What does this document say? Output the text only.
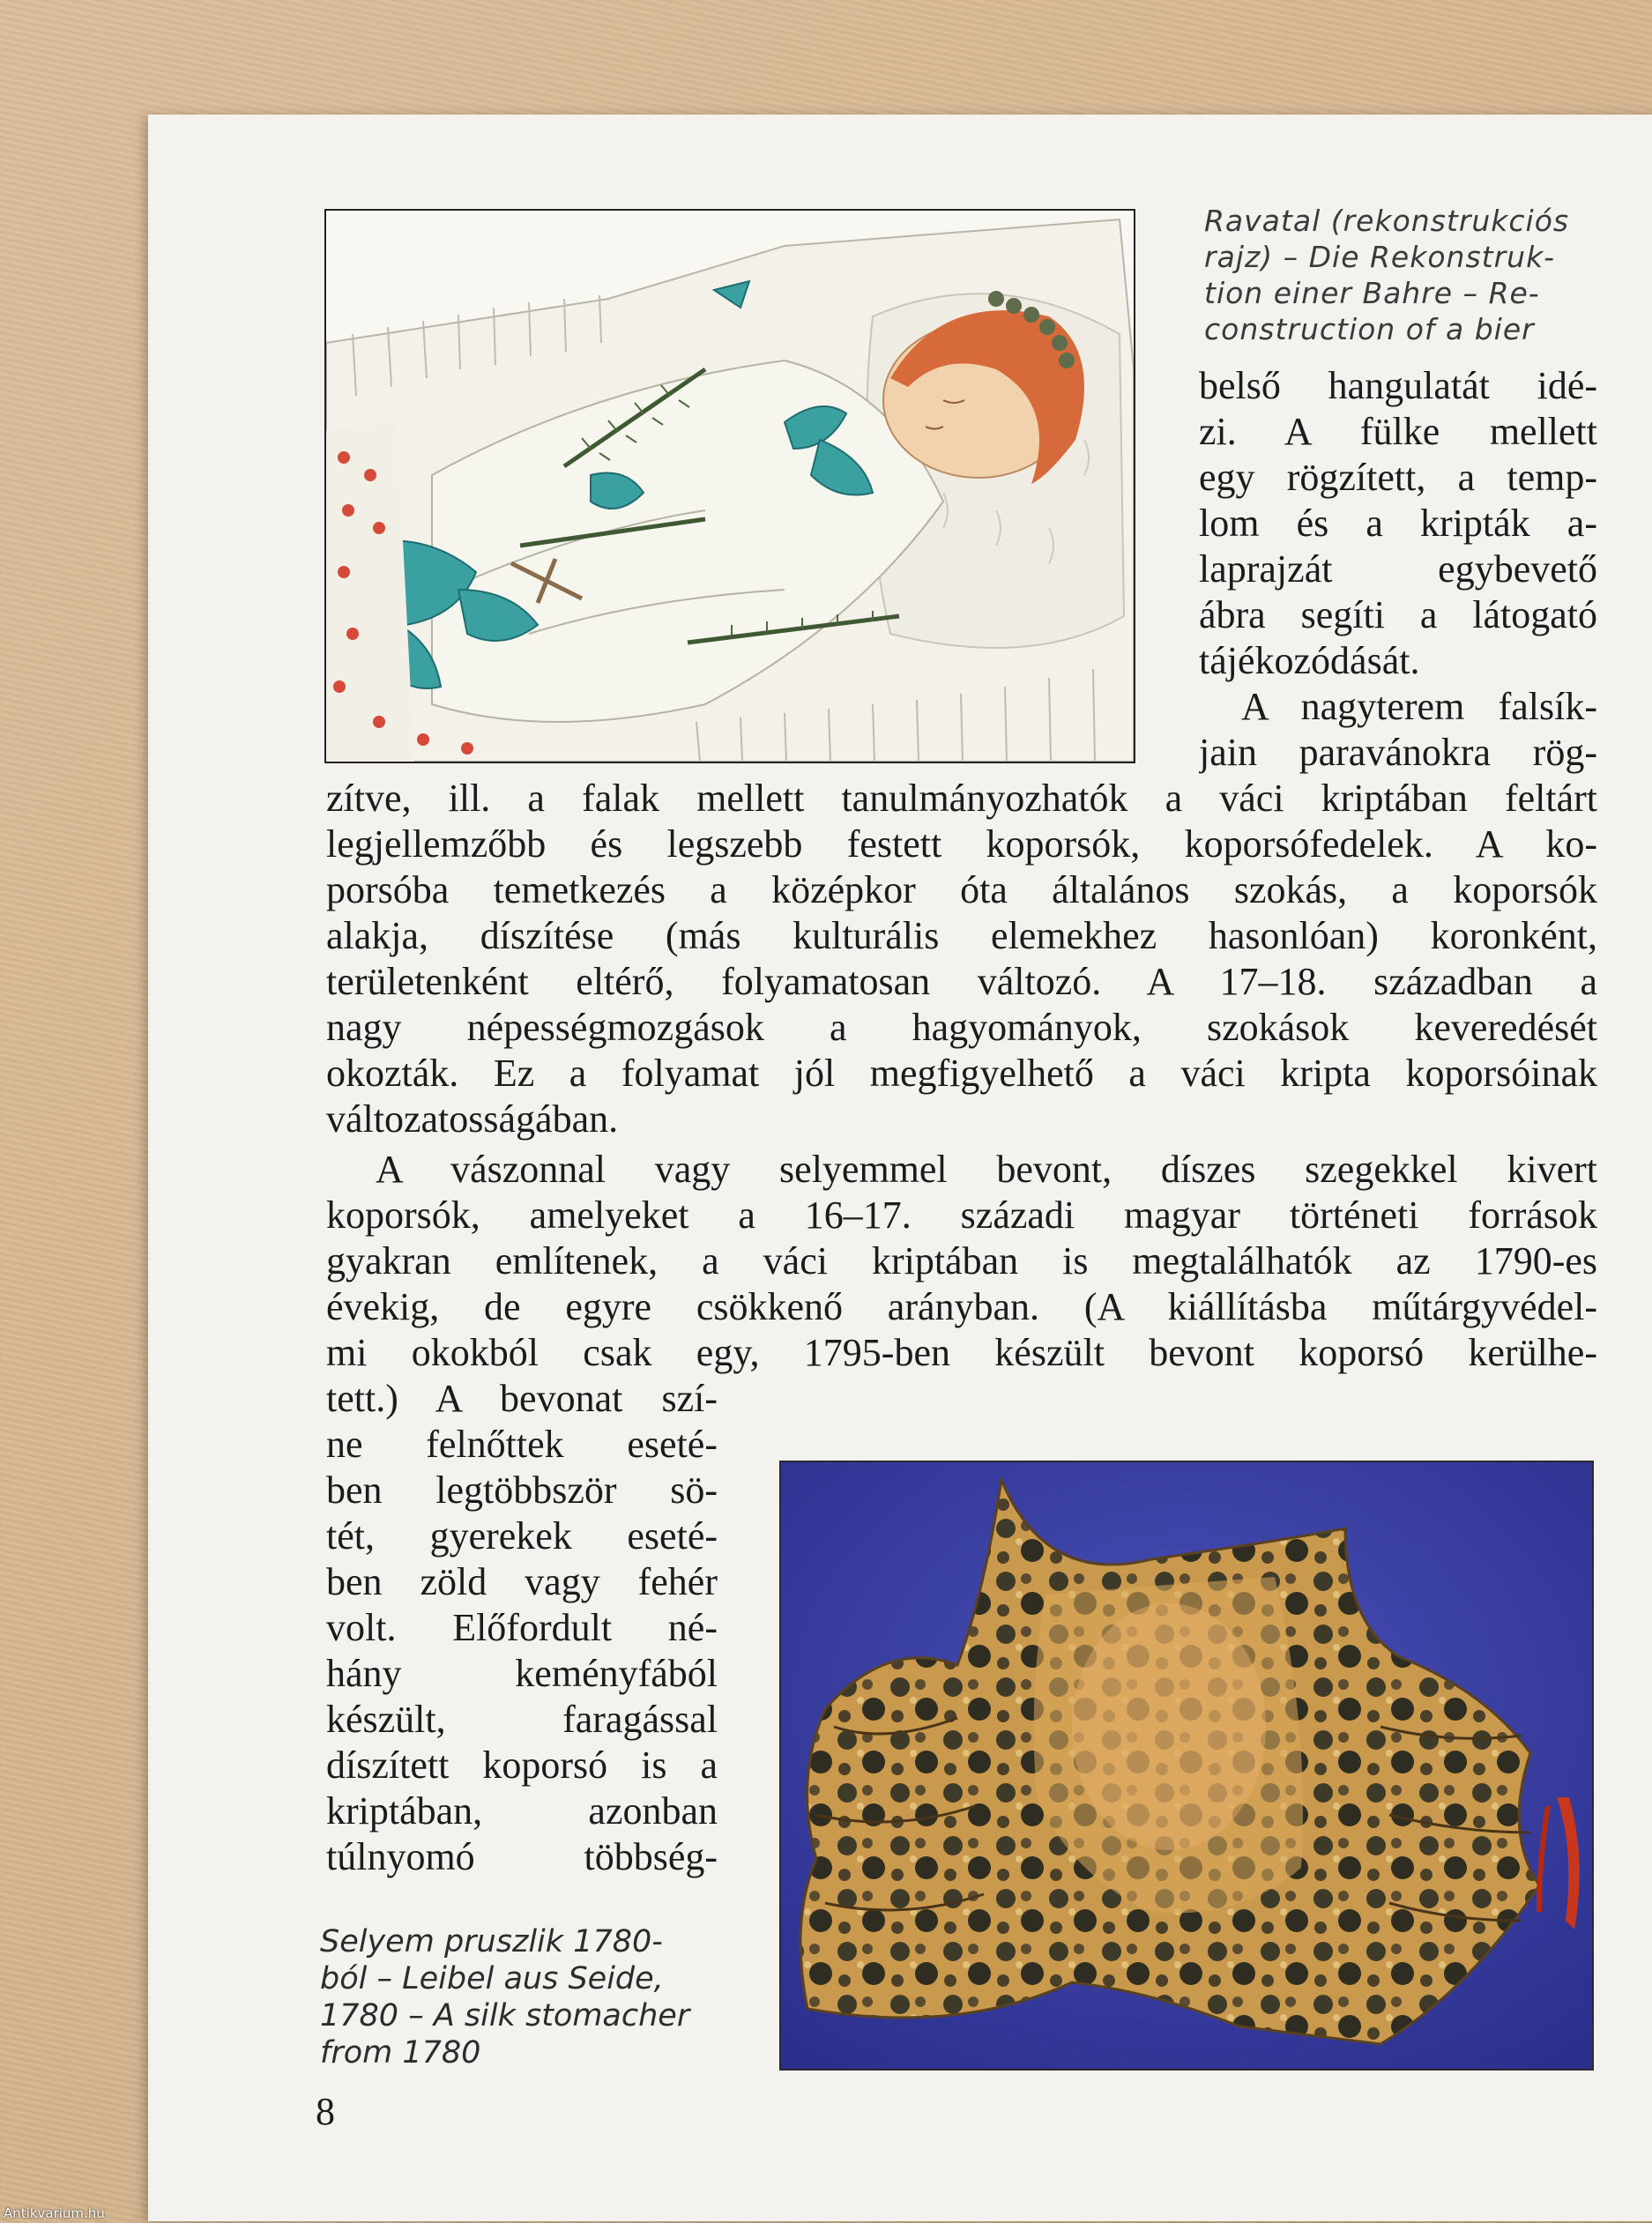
Ravatal (rekonstrukciós
rajz) – Die Rekonstruk-
tion einer Bahre – Re-
construction of a bier

belső hangulatát idé-

zi. A fülke mellett

egy rögzített, a temp-

lom és a kripták a-

laprajzát egybevető

ábra segíti a látogató

tájékozódását.

A nagyterem falsík-

jain paravánokra rög-

zítve, ill. a falak mellett tanulmányozhatók a váci kriptában feltárt

legjellemzőbb és legszebb festett koporsók, koporsófedelek. A ko-

porsóba temetkezés a középkor óta általános szokás, a koporsók

alakja, díszítése (más kulturális elemekhez hasonlóan) koronként,

területenként eltérő, folyamatosan változó. A 17–18. században a

nagy népességmozgások a hagyományok, szokások keveredését

okozták. Ez a folyamat jól megfigyelhető a váci kripta koporsóinak

változatosságában.

A vászonnal vagy selyemmel bevont, díszes szegekkel kivert

koporsók, amelyeket a 16–17. századi magyar történeti források

gyakran említenek, a váci kriptában is megtalálhatók az 1790-es

évekig, de egyre csökkenő arányban. (A kiállításba műtárgyvédel-

mi okokból csak egy, 1795-ben készült bevont koporsó kerülhe-

tett.) A bevonat szí-

ne felnőttek eseté-

ben legtöbbször sö-

tét, gyerekek eseté-

ben zöld vagy fehér

volt. Előfordult né-

hány keményfából

készült, faragással

díszített koporsó is a

kriptában, azonban

túlnyomó többség-

Selyem pruszlik 1780-
ból – Leibel aus Seide,
1780 – A silk stomacher
from 1780

8
Antikvarium.hu
